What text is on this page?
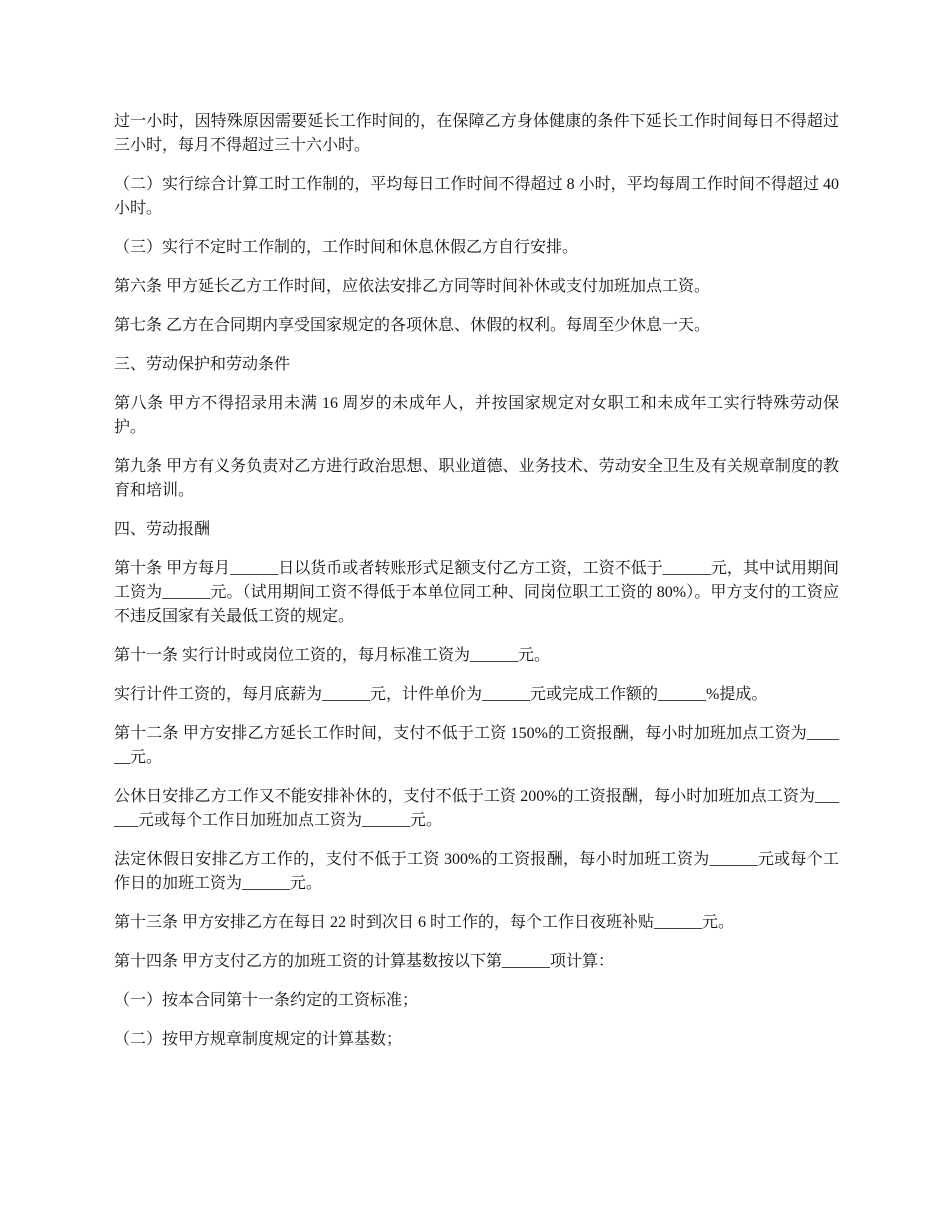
过一小时，因特殊原因需要延长工作时间的，在保障乙方身体健康的条件下延长工作时间每日不得超过三小时，每月不得超过三十六小时。

（二）实行综合计算工时工作制的，平均每日工作时间不得超过 8 小时，平均每周工作时间不得超过 40 小时。

（三）实行不定时工作制的，工作时间和休息休假乙方自行安排。

第六条 甲方延长乙方工作时间，应依法安排乙方同等时间补休或支付加班加点工资。

第七条 乙方在合同期内享受国家规定的各项休息、休假的权利。每周至少休息一天。

三、劳动保护和劳动条件

第八条 甲方不得招录用未满 16 周岁的未成年人，并按国家规定对女职工和未成年工实行特殊劳动保护。

第九条 甲方有义务负责对乙方进行政治思想、职业道德、业务技术、劳动安全卫生及有关规章制度的教育和培训。

四、劳动报酬

第十条 甲方每月______日以货币或者转账形式足额支付乙方工资，工资不低于______元，其中试用期间工资为______元。（试用期间工资不得低于本单位同工种、同岗位职工工资的 80%）。甲方支付的工资应不违反国家有关最低工资的规定。

第十一条 实行计时或岗位工资的，每月标准工资为______元。

实行计件工资的，每月底薪为______元，计件单价为______元或完成工作额的______%提成。

第十二条 甲方安排乙方延长工作时间，支付不低于工资 150%的工资报酬，每小时加班加点工资为______元。

公休日安排乙方工作又不能安排补休的，支付不低于工资 200%的工资报酬，每小时加班加点工资为______元或每个工作日加班加点工资为______元。

法定休假日安排乙方工作的，支付不低于工资 300%的工资报酬，每小时加班工资为______元或每个工作日的加班工资为______元。

第十三条 甲方安排乙方在每日 22 时到次日 6 时工作的，每个工作日夜班补贴______元。

第十四条 甲方支付乙方的加班工资的计算基数按以下第______项计算：

（一）按本合同第十一条约定的工资标准；

（二）按甲方规章制度规定的计算基数；
